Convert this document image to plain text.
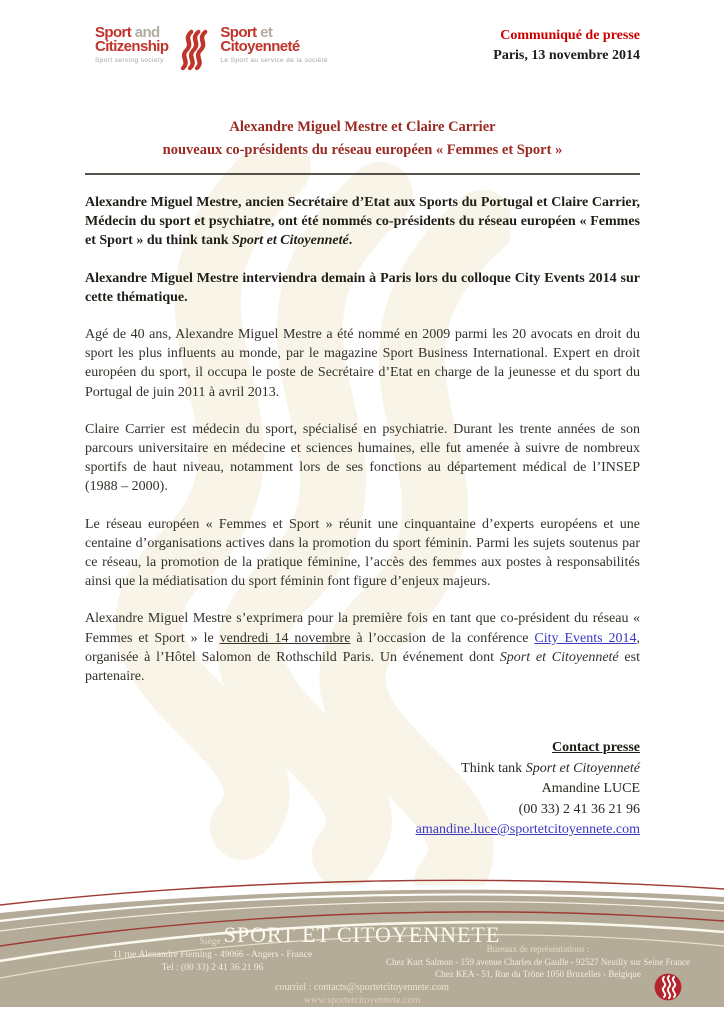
Sport and
Citizenship
Sport serving society
Sport et
Citoyenneté
Le Sport au service de la société
Communiqué de presse
Paris, 13 novembre 2014
Alexandre Miguel Mestre et Claire Carrier
nouveaux co-présidents du réseau européen « Femmes et Sport »

Alexandre Miguel Mestre, ancien Secrétaire d’Etat aux Sports du Portugal et Claire Carrier, Médecin du sport et psychiatre, ont été nommés co-présidents du réseau européen « Femmes et Sport » du think tank Sport et Citoyenneté.

Alexandre Miguel Mestre interviendra demain à Paris lors du colloque City Events 2014 sur cette thématique.

Agé de 40 ans, Alexandre Miguel Mestre a été nommé en 2009 parmi les 20 avocats en droit du sport les plus influents au monde, par le magazine Sport Business International. Expert en droit européen du sport, il occupa le poste de Secrétaire d’Etat en charge de la jeunesse et du sport du Portugal de juin 2011 à avril 2013.

Claire Carrier est médecin du sport, spécialisé en psychiatrie. Durant les trente années de son parcours universitaire en médecine et sciences humaines, elle fut amenée à suivre de nombreux sportifs de haut niveau, notamment lors de ses fonctions au département médical de l’INSEP (1988 – 2000).

Le réseau européen « Femmes et Sport » réunit une cinquantaine d’experts européens et une centaine d’organisations actives dans la promotion du sport féminin. Parmi les sujets soutenus par ce réseau, la promotion de la pratique féminine, l’accès des femmes aux postes à responsabilités ainsi que la médiatisation du sport féminin font figure d’enjeux majeurs.

Alexandre Miguel Mestre s’exprimera pour la première fois en tant que co-président du réseau « Femmes et Sport » le vendredi 14 novembre à l’occasion de la conférence City Events 2014, organisée à l’Hôtel Salomon de Rothschild Paris. Un événement dont Sport et Citoyenneté est partenaire.

Contact presse
Think tank Sport et Citoyenneté
Amandine LUCE
(00 33) 2 41 36 21 96
amandine.luce@sportetcitoyennete.com
SPORT ET CITOYENNETE
Siège :
11 rue Alexandre Fleming - 49066 - Angers - France
Tel : (00 33) 2 41 36 21 96
Bureaux de représentations :
Chez Kurt Salmon - 159 avenue Charles de Gaulle - 92527 Neuilly sur Seine France
Chez KEA - 51, Rue du Trône 1050 Bruxelles - Belgique
courriel : contacts@sportetcitoyennete.com
www.sportetcitoyennete.com
